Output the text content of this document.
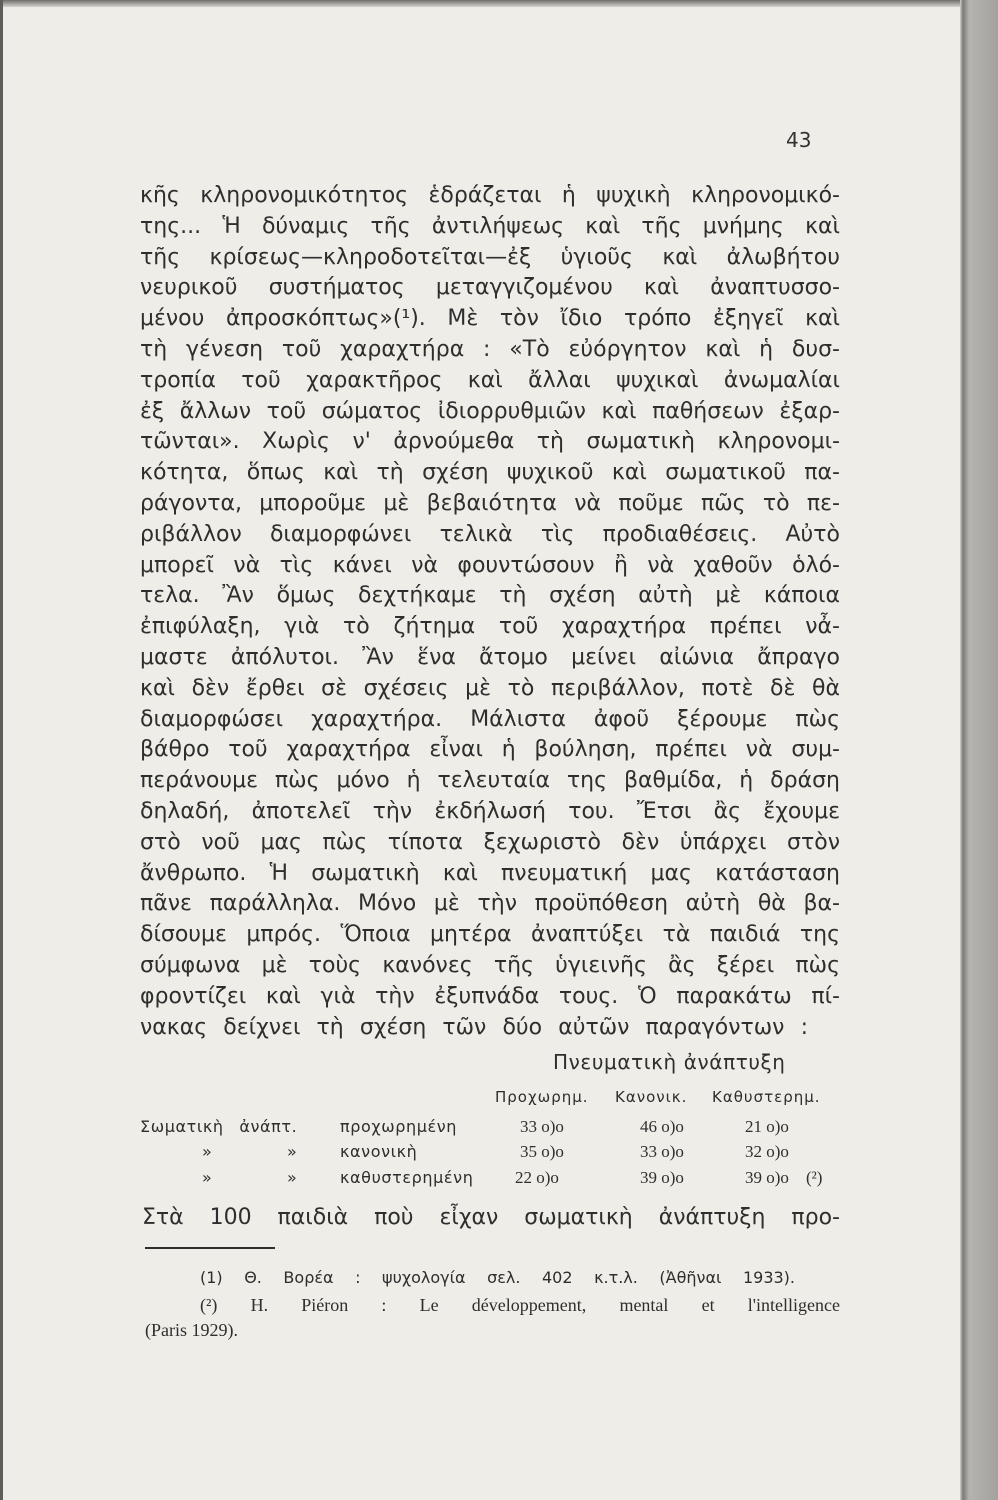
43
κῆς κληρονομικότητος ἑδράζεται ἡ ψυχικὴ κληρονομικό-
της... Ἡ δύναμις τῆς ἀντιλήψεως καὶ τῆς μνήμης καὶ
τῆς κρίσεως—κληροδοτεῖται—ἐξ ὑγιοῦς καὶ ἀλωβήτου
νευρικοῦ συστήματος μεταγγιζομένου καὶ ἀναπτυσσο-
μένου ἀπροσκόπτως»(¹). Μὲ τὸν ἴδιο τρόπο ἐξηγεῖ καὶ
τὴ γένεση τοῦ χαραχτήρα : «Τὸ εὐόργητον καὶ ἡ δυσ-
τροπία τοῦ χαρακτῆρος καὶ ἄλλαι ψυχικαὶ ἀνωμαλίαι
ἐξ ἄλλων τοῦ σώματος ἰδιορρυθμιῶν καὶ παθήσεων ἐξαρ-
τῶνται». Χωρὶς ν' ἀρνούμεθα τὴ σωματικὴ κληρονομι-
κότητα, ὅπως καὶ τὴ σχέση ψυχικοῦ καὶ σωματικοῦ πα-
ράγοντα, μποροῦμε μὲ βεβαιότητα νὰ ποῦμε πῶς τὸ πε-
ριβάλλον διαμορφώνει τελικὰ τὶς προδιαθέσεις. Αὐτὸ
μπορεῖ νὰ τὶς κάνει νὰ φουντώσουν ἢ νὰ χαθοῦν ὁλό-
τελα. Ἂν ὅμως δεχτήκαμε τὴ σχέση αὐτὴ μὲ κάποια
ἐπιφύλαξη, γιὰ τὸ ζήτημα τοῦ χαραχτήρα πρέπει νἆ-
μαστε ἀπόλυτοι. Ἂν ἕνα ἄτομο μείνει αἰώνια ἄπραγο
καὶ δὲν ἔρθει σὲ σχέσεις μὲ τὸ περιβάλλον, ποτὲ δὲ θὰ
διαμορφώσει χαραχτήρα. Μάλιστα ἀφοῦ ξέρουμε πὼς
βάθρο τοῦ χαραχτήρα εἶναι ἡ βούληση, πρέπει νὰ συμ-
περάνουμε πὼς μόνο ἡ τελευταία της βαθμίδα, ἡ δράση
δηλαδή, ἀποτελεῖ τὴν ἐκδήλωσή του. Ἔτσι ἂς ἔχουμε
στὸ νοῦ μας πὼς τίποτα ξεχωριστὸ δὲν ὑπάρχει στὸν
ἄνθρωπο. Ἡ σωματικὴ καὶ πνευματική μας κατάσταση
πᾶνε παράλληλα. Μόνο μὲ τὴν προϋπόθεση αὐτὴ θὰ βα-
δίσουμε μπρός. Ὅποια μητέρα ἀναπτύξει τὰ παιδιά της
σύμφωνα μὲ τοὺς κανόνες τῆς ὑγιεινῆς ἂς ξέρει πὼς
φροντίζει καὶ γιὰ τὴν ἐξυπνάδα τους. Ὁ παρακάτω πί-
νακας δείχνει τὴ σχέση τῶν δύο αὐτῶν παραγόντων :
Πνευματικὴ ἀνάπτυξη
Προχωρημ. Κανονικ. Καθυστερημ.
Σωματικὴ ἀνάπτ.	προχωρημένη	33 ο)ο	46 ο)ο	21 ο)ο
»	»	κανονικὴ	35 ο)ο	33 ο)ο	32 ο)ο
»	»	καθυστερημένη 22 ο)ο	39 ο)ο	39 ο)ο (²)
Στὰ 100 παιδιὰ ποὺ εἶχαν σωματικὴ ἀνάπτυξη προ-
(1) Θ. Βορέα : ψυχολογία σελ. 402 κ.τ.λ. (Ἀθῆναι 1933).
(²) H. Piéron : Le développement, mental et l'intelligence
(Paris 1929).
